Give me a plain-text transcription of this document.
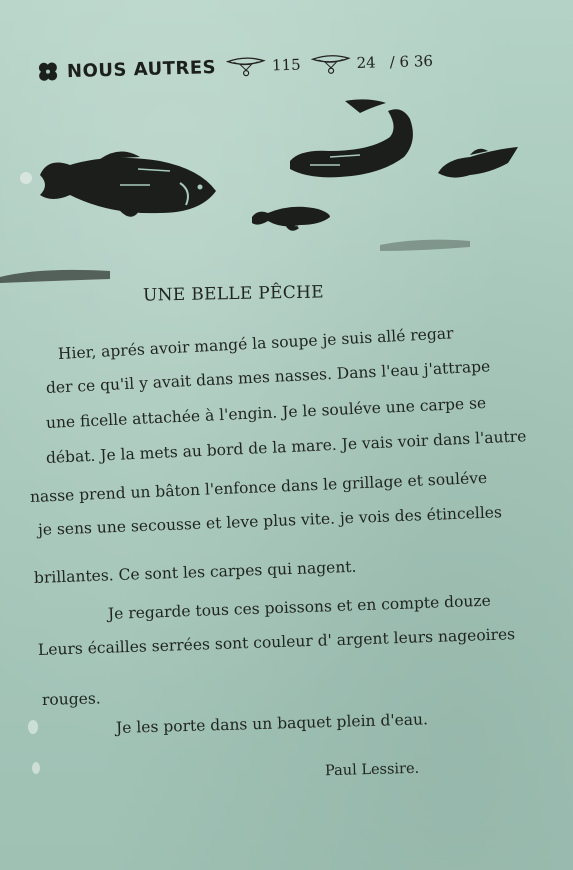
NOUS AUTRES	115	24 / 6 36
UNE BELLE PÊCHE
Hier, aprés avoir mangé la soupe je suis allé regar
der ce qu'il y avait dans mes nasses. Dans l'eau j'attrape
une ficelle attachée à l'engin. Je le souléve une carpe se
débat. Je la mets au bord de la mare. Je vais voir dans l'autre
nasse prend un bâton l'enfonce dans le grillage et souléve
je sens une secousse et leve plus vite. je vois des étincelles
brillantes. Ce sont les carpes qui nagent.
Je regarde tous ces poissons et en compte douze
Leurs écailles serrées sont couleur d' argent leurs nageoires
rouges.
Je les porte dans un baquet plein d'eau.
Paul Lessire.
